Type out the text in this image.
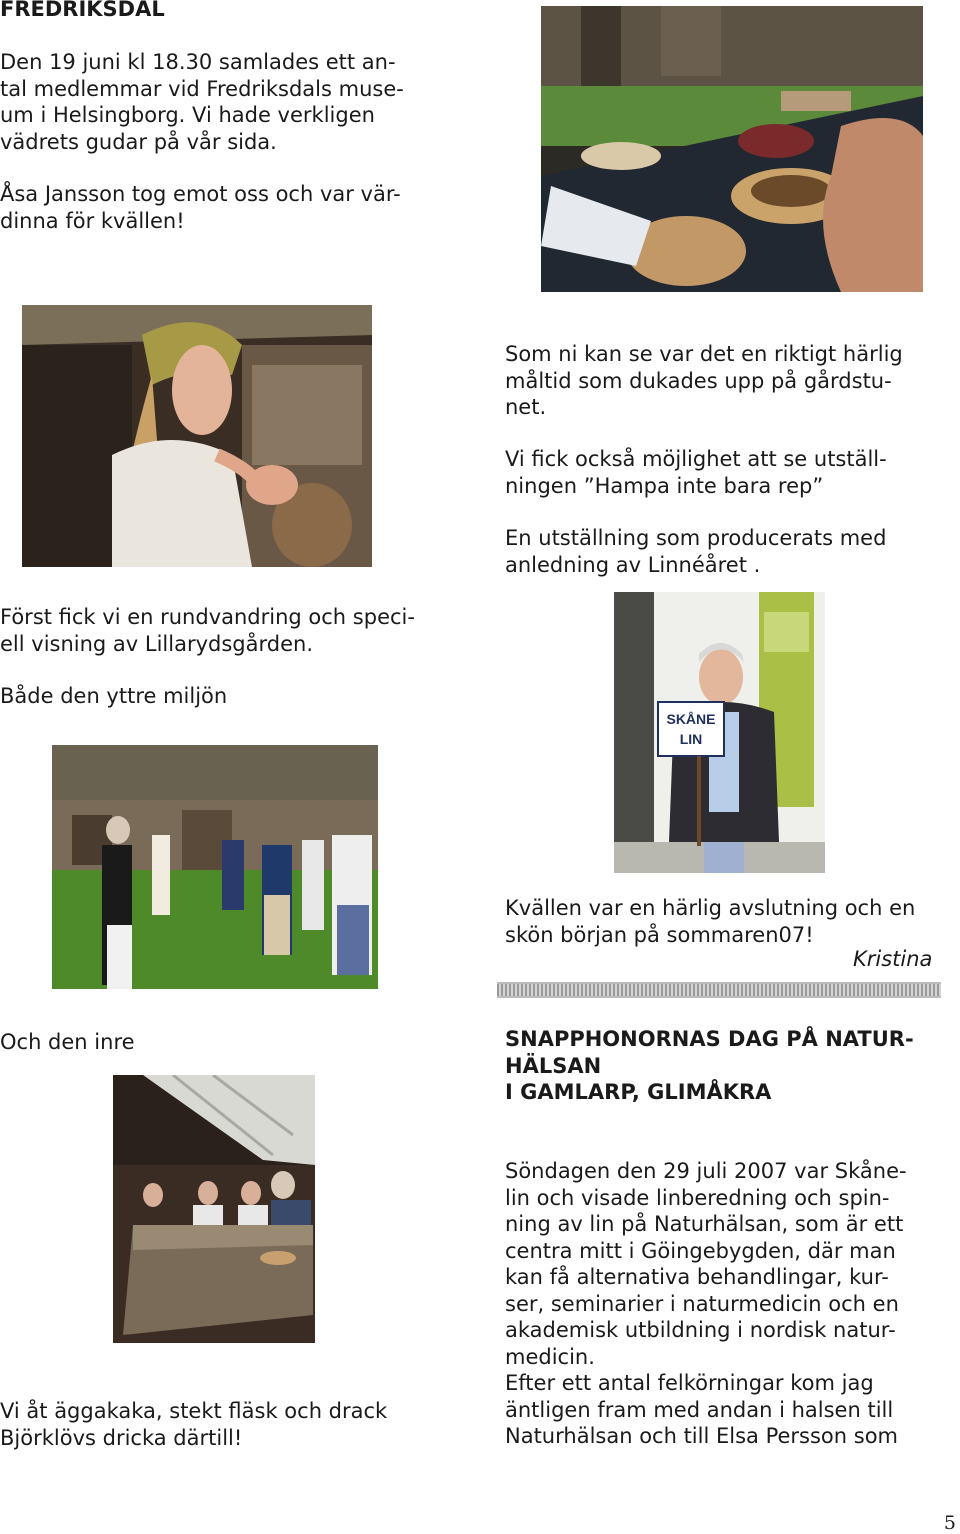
FREDRIKSDAL

Den 19 juni kl 18.30 samlades ett an-
tal medlemmar vid Fredriksdals muse-
um i Helsingborg. Vi hade verkligen
vädrets gudar på vår sida.

Åsa Jansson tog emot oss och var vär-
dinna för kvällen!

Som ni kan se var det en riktigt härlig
måltid som dukades upp på gårdstu-
net.

Vi fick också möjlighet att se utställ-
ningen ”Hampa inte bara rep”

En utställning som producerats med
anledning av Linnéåret .

Först fick vi en rundvandring och speci-
ell visning av Lillarydsgården.

Både den yttre miljön

SKÅNE
LIN

Kvällen var en härlig avslutning och en
skön början på sommaren07!

Kristina

Och den inre	SNAPPHONORNAS DAG PÅ NATUR-
HÄLSAN
I GAMLARP, GLIMÅKRA

Söndagen den 29 juli 2007 var Skåne-
lin och visade linberedning och spin-
ning av lin på Naturhälsan, som är ett
centra mitt i Göingebygden, där man
kan få alternativa behandlingar, kur-
ser, seminarier i naturmedicin och en
akademisk utbildning i nordisk natur-
medicin.
Efter ett antal felkörningar kom jag
äntligen fram med andan i halsen till
Naturhälsan och till Elsa Persson som

Vi åt äggakaka, stekt fläsk och drack
Björklövs dricka därtill!

5
